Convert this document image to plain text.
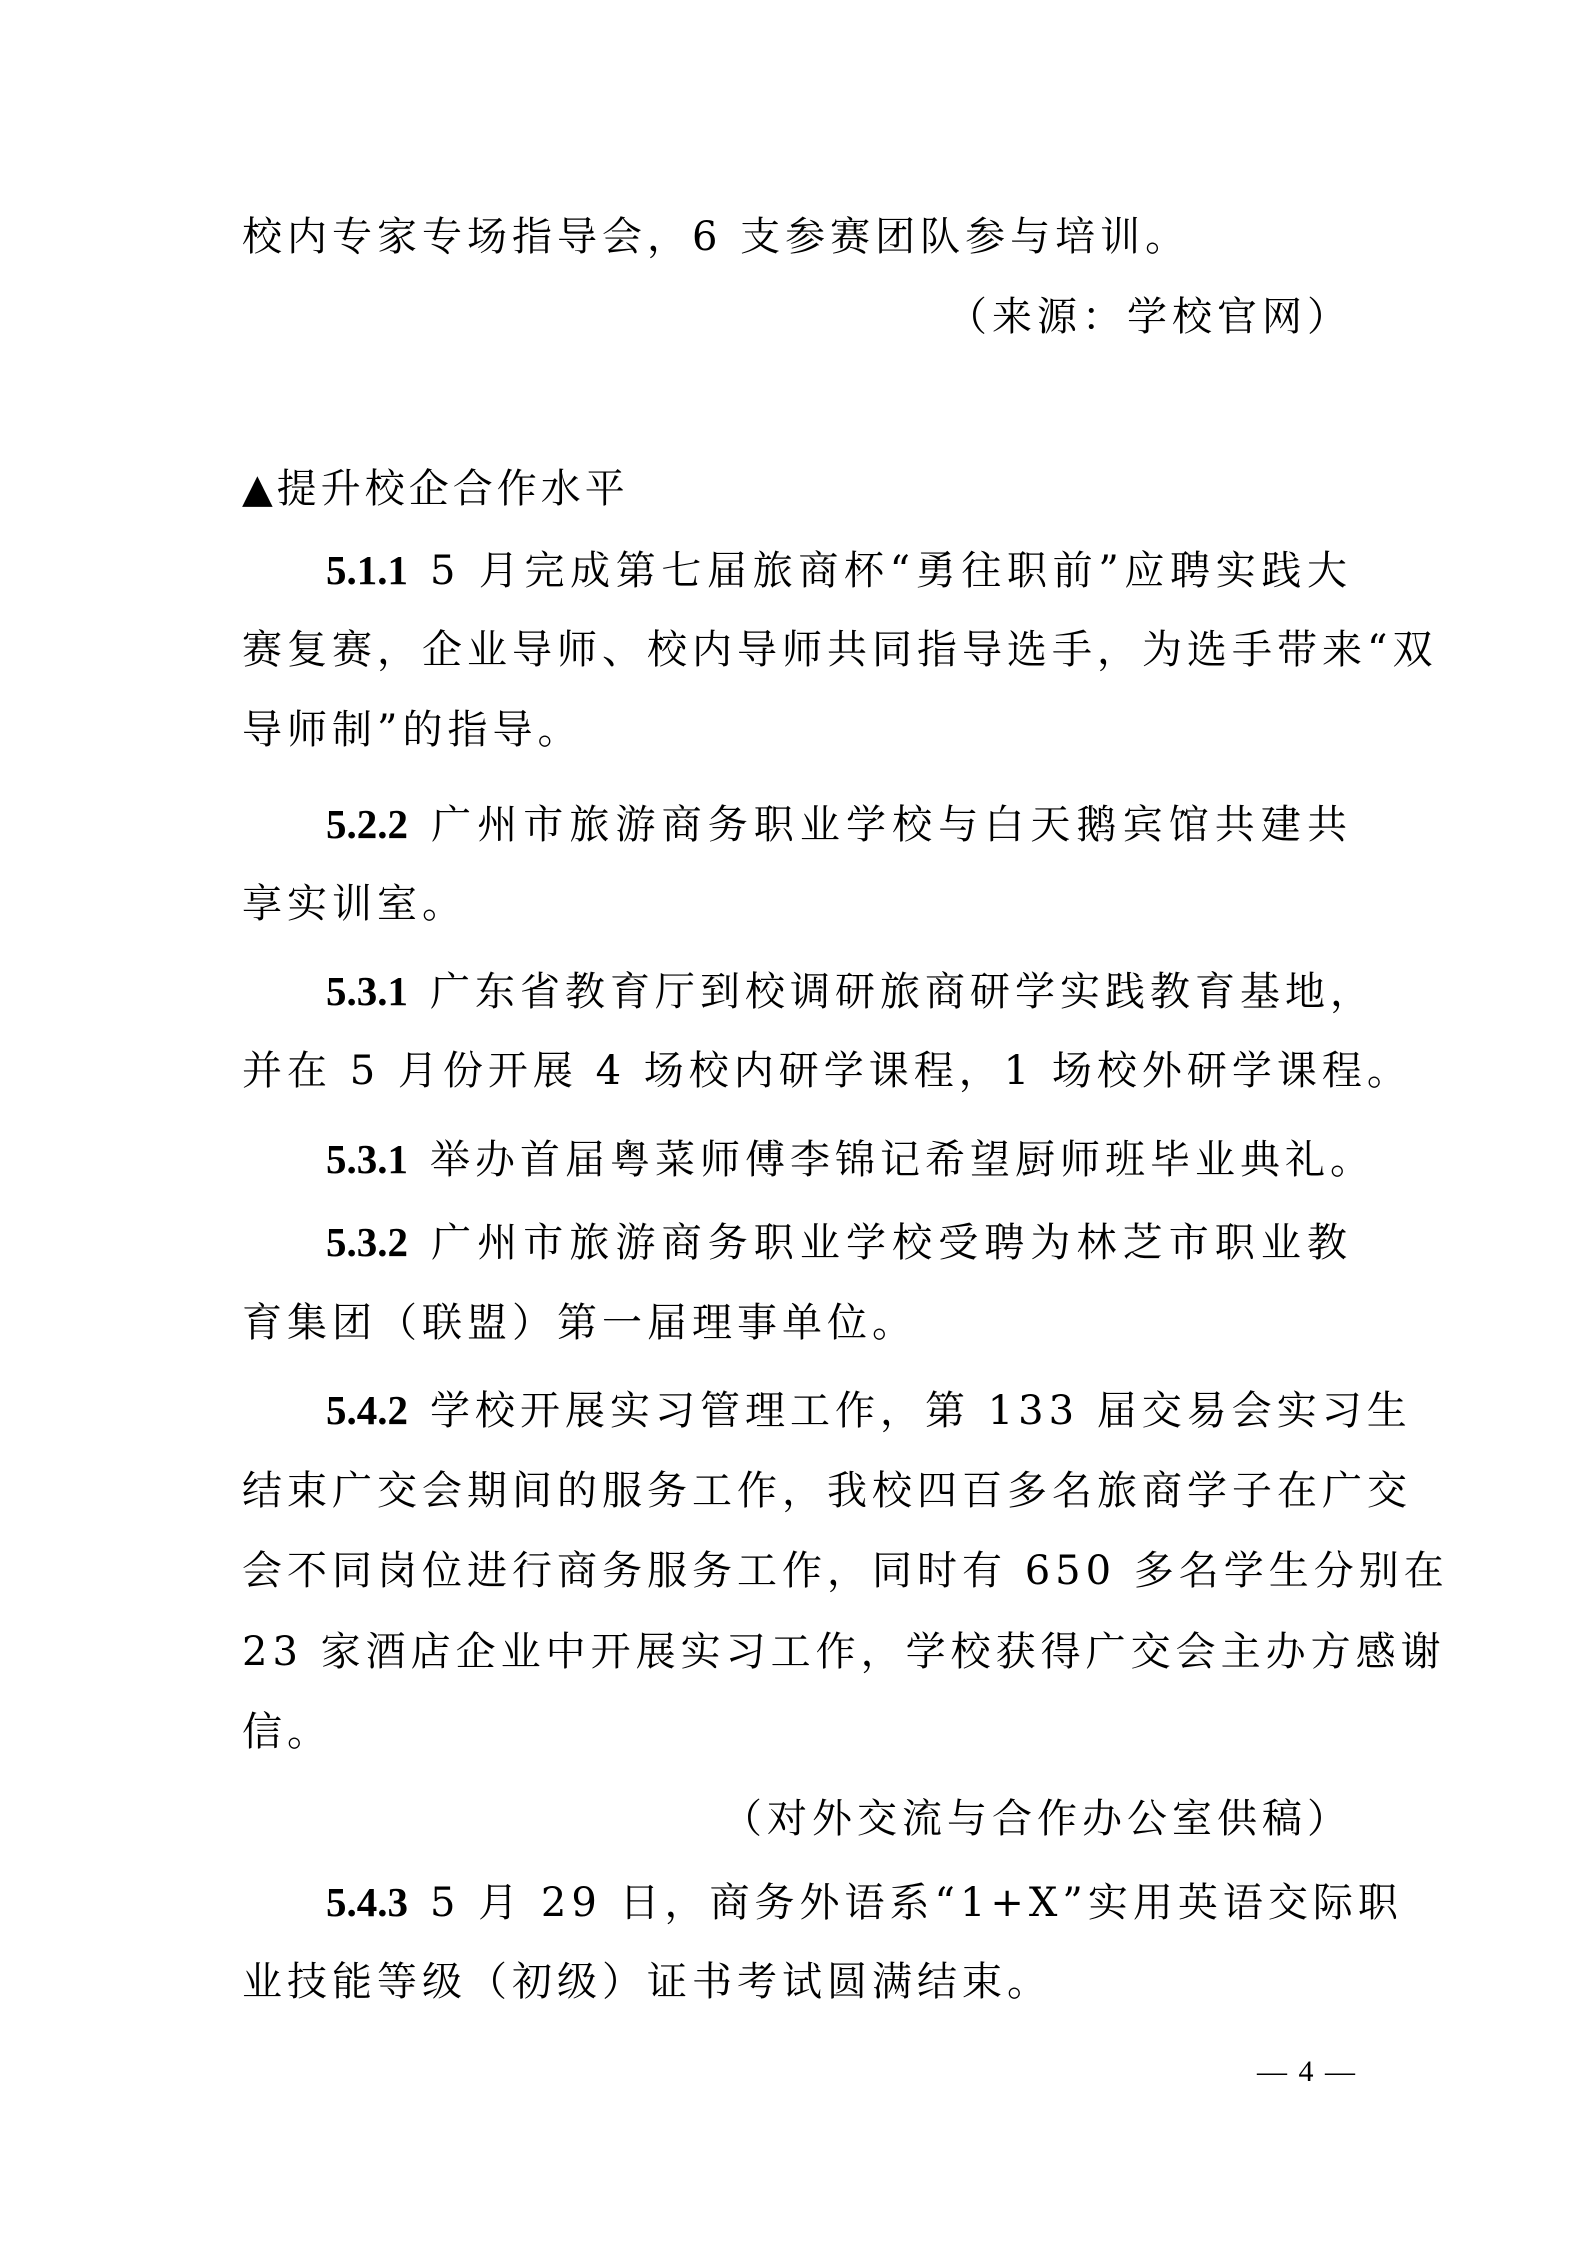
校内专家专场指导会，6 支参赛团队参与培训。
（来源：学校官网）
▲提升校企合作水平
5.1.1 5 月完成第七届旅商杯“勇往职前”应聘实践大
赛复赛，企业导师、校内导师共同指导选手，为选手带来“双
导师制”的指导。
5.2.2 广州市旅游商务职业学校与白天鹅宾馆共建共
享实训室。
5.3.1 广东省教育厅到校调研旅商研学实践教育基地，
并在 5 月份开展 4 场校内研学课程，1 场校外研学课程。
5.3.1 举办首届粤菜师傅李锦记希望厨师班毕业典礼。
5.3.2 广州市旅游商务职业学校受聘为林芝市职业教
育集团（联盟）第一届理事单位。
5.4.2 学校开展实习管理工作，第 133 届交易会实习生
结束广交会期间的服务工作，我校四百多名旅商学子在广交
会不同岗位进行商务服务工作，同时有 650 多名学生分别在
23 家酒店企业中开展实习工作，学校获得广交会主办方感谢
信。
（对外交流与合作办公室供稿）
5.4.3 5 月 29 日，商务外语系“1+X”实用英语交际职
业技能等级（初级）证书考试圆满结束。
— 4 —
